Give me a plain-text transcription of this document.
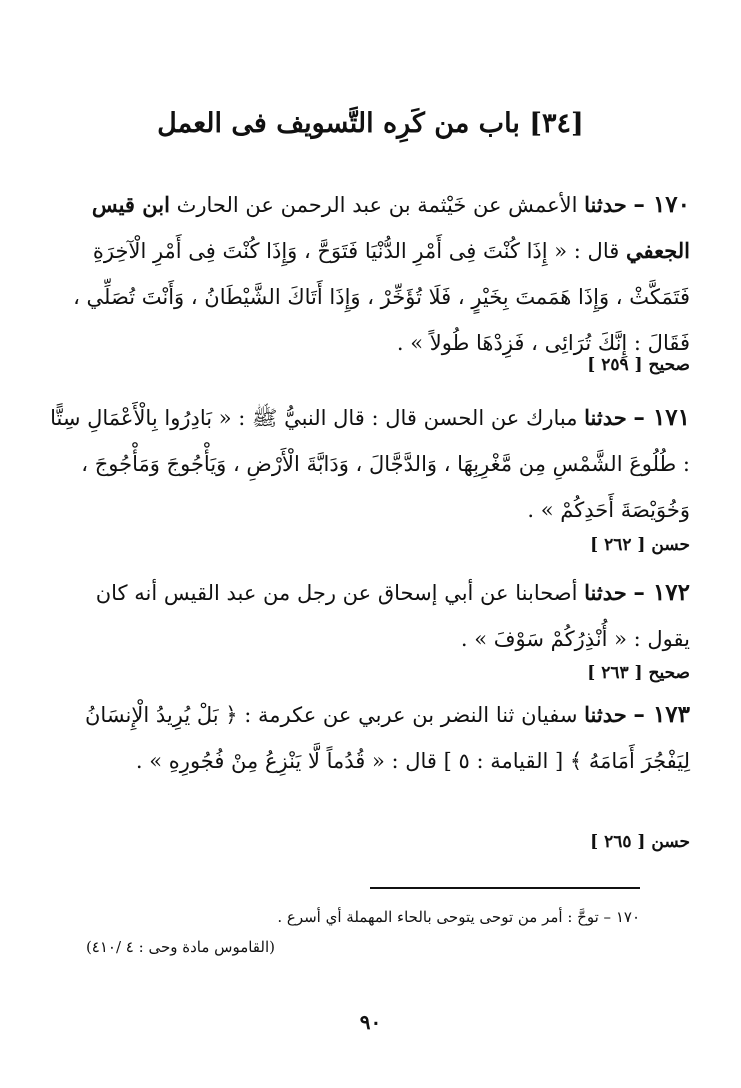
[٣٤] باب من كَرِه التَّسويف فى العمل
١٧٠ – حدثنا الأعمش عن خَيْثمة بن عبد الرحمن عن الحارث ابن قيس الجعفي قال : « إِذَا كُنْتَ فِى أَمْرِ الدُّنْيَا فَتَوَحَّ ، وَإِذَا كُنْتَ فِى أَمْرِ الْآخِرَةِ فَتَمَكَّثْ ، وَإِذَا هَمَمتَ بِخَيْرٍ ، فَلَا تُؤَخِّرْ ، وَإِذَا أَتَاكَ الشَّيْطَانُ ، وَأَنْتَ تُصَلِّي ، فَقَالَ : إِنَّكَ تُرَائِى ، فَزِدْهَا طُولاً » .
صحيح [ ٢٥٩ ]
١٧١ – حدثنا مبارك عن الحسن قال : قال النبيُّ ﷺ : « بَادِرُوا بِالْأَعْمَالِ سِتًّا : طُلُوعَ الشَّمْسِ مِن مَّغْرِبِهَا ، وَالدَّجَّالَ ، وَدَابَّةَ الْأَرْضِ ، وَيَأْجُوجَ وَمَأْجُوجَ ، وَخُوَيْصَةَ أَحَدِكُمْ » .
حسن [ ٢٦٢ ]
١٧٢ – حدثنا أصحابنا عن أبي إسحاق عن رجل من عبد القيس أنه كان يقول : « أُنْذِرُكُمْ سَوْفَ » .
صحيح [ ٢٦٣ ]
١٧٣ – حدثنا سفيان ثنا النضر بن عربي عن عكرمة : ﴿ بَلْ يُرِيدُ الْإِنسَانُ لِيَفْجُرَ أَمَامَهُ ﴾ [ القيامة : ٥ ] قال : « قُدُماً لَّا يَنْزِعُ مِنْ فُجُورِهِ » .
حسن [ ٢٦٥ ]
١٧٠ – توحَّ : أمر من توحى يتوحى بالحاء المهملة أي أسرع .
(القاموس مادة وحى : ٤ /٤١٠)
٩٠
